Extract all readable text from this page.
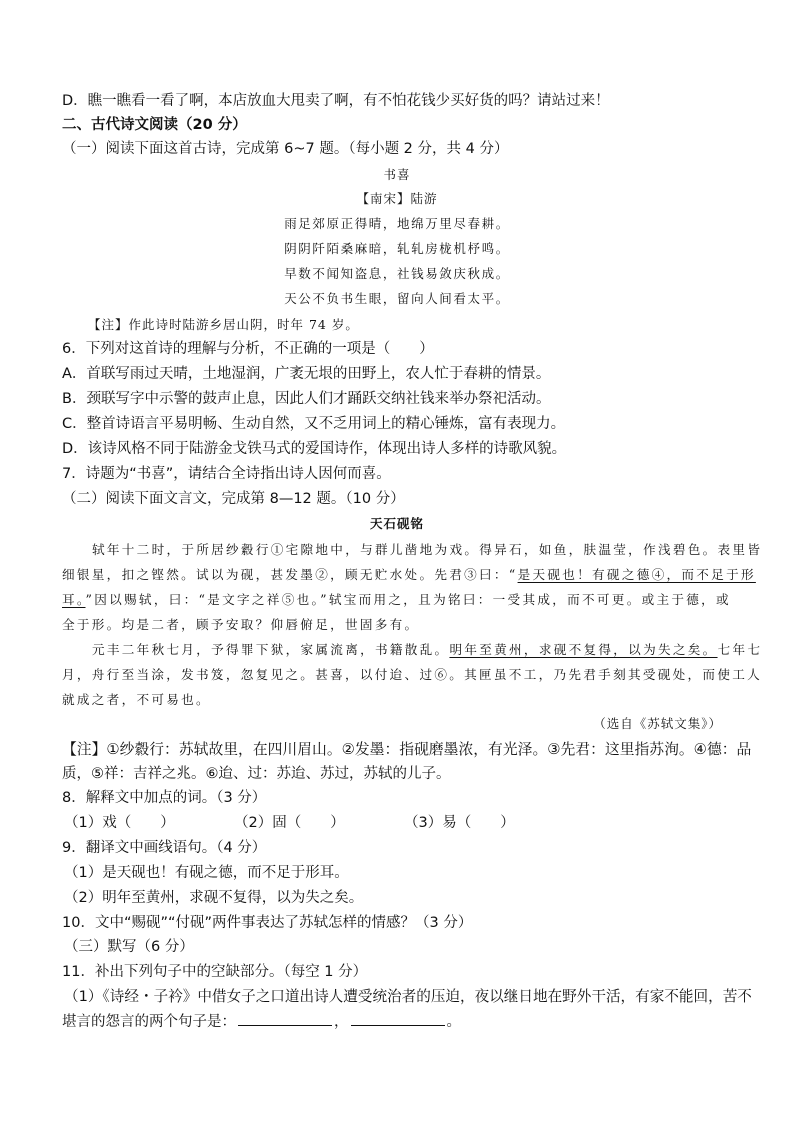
D．瞧一瞧看一看了啊，本店放血大甩卖了啊，有不怕花钱少买好货的吗？请站过来！
二、古代诗文阅读（20 分）
（一）阅读下面这首古诗，完成第 6~7 题。（每小题 2 分，共 4 分）
书喜
【南宋】陆游
雨足郊原正得晴，地绵万里尽春耕。
阴阴阡陌桑麻暗，轧轧房栊机杼鸣。
早数不闻知盗息，社钱易敛庆秋成。
天公不负书生眼，留向人间看太平。
【注】作此诗时陆游乡居山阴，时年 74 岁。
6．下列对这首诗的理解与分析，不正确的一项是（　　）
A．首联写雨过天晴，土地湿润，广袤无垠的田野上，农人忙于春耕的情景。
B．颈联写字中示警的鼓声止息，因此人们才踊跃交纳社钱来举办祭祀活动。
C．整首诗语言平易明畅、生动自然，又不乏用词上的精心锤炼，富有表现力。
D．该诗风格不同于陆游金戈铁马式的爱国诗作，体现出诗人多样的诗歌风貌。
7．诗题为“书喜”，请结合全诗指出诗人因何而喜。
（二）阅读下面文言文，完成第 8—12 题。（10 分）
天石砚铭
轼年十二时，于所居纱縠行①宅隙地中，与群儿凿地为戏。得异石，如鱼，肤温莹，作浅碧色。表里皆
细银星，扣之铿然。试以为砚，甚发墨②，顾无贮水处。先君③曰：“是天砚也！有砚之德④，而不足于形
耳。”因以赐轼，曰：“是文字之祥⑤也。”轼宝而用之，且为铭曰：一受其成，而不可更。或主于德，或
全于形。均是二者，顾予安取？仰唇俯足，世固多有。
元丰二年秋七月，予得罪下狱，家属流离，书籍散乱。明年至黄州，求砚不复得，以为失之矣。七年七
月，舟行至当涂，发书笈，忽复见之。甚喜，以付迨、过⑥。其匣虽不工，乃先君手刻其受砚处，而使工人
就成之者，不可易也。
（选自《苏轼文集》）
【注】①纱縠行：苏轼故里，在四川眉山。②发墨：指砚磨墨浓，有光泽。③先君：这里指苏洵。④德：品
质，⑤祥：吉祥之兆。⑥迨、过：苏迨、苏过，苏轼的儿子。
8．解释文中加点的词。（3 分）
（1）戏（　　）	（2）固（　　）	（3）易（　　）
9．翻译文中画线语句。（4 分）
（1）是天砚也！有砚之德，而不足于形耳。
（2）明年至黄州，求砚不复得，以为失之矣。
10．文中“赐砚”“付砚”两件事表达了苏轼怎样的情感？（3 分）
（三）默写（6 分）
11．补出下列句子中的空缺部分。（每空 1 分）
（1）《诗经・子衿》中借女子之口道出诗人遭受统治者的压迫，夜以继日地在野外干活，有家不能回，苦不
堪言的怨言的两个句子是：	，	。
